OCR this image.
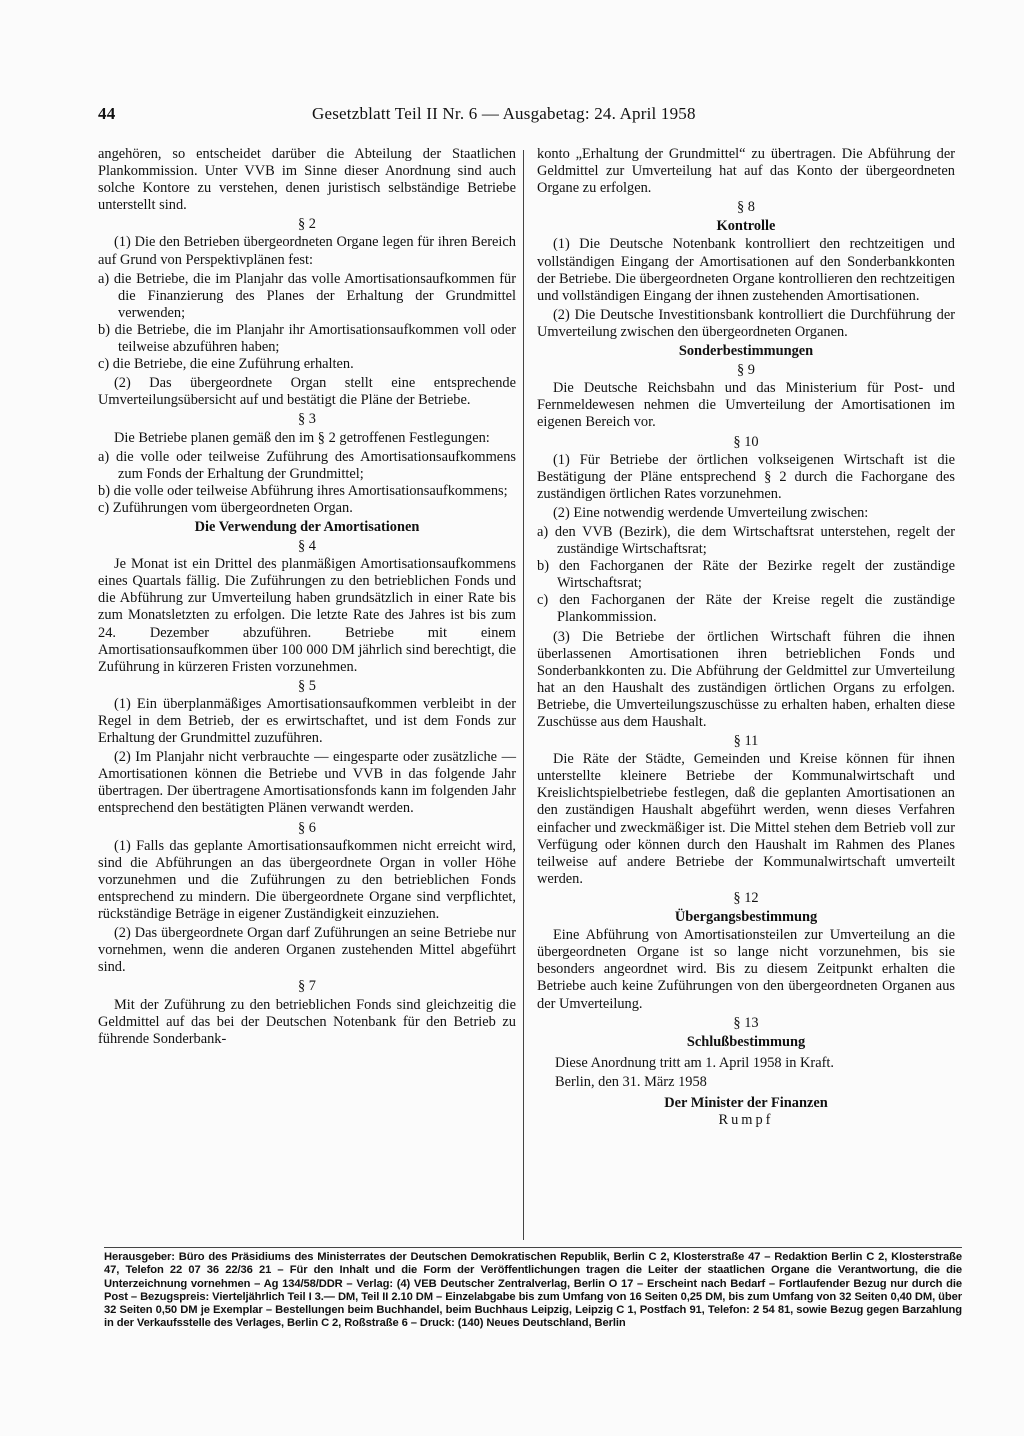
44	Gesetzblatt Teil II Nr. 6 — Ausgabetag: 24. April 1958

angehören, so entscheidet darüber die Abteilung der Staatlichen Plankommission. Unter VVB im Sinne dieser Anordnung sind auch solche Kontore zu verstehen, denen juristisch selbständige Betriebe unterstellt sind.

§ 2

(1) Die den Betrieben übergeordneten Organe legen für ihren Bereich auf Grund von Perspektivplänen fest:

a) die Betriebe, die im Planjahr das volle Amortisationsaufkommen für die Finanzierung des Planes der Erhaltung der Grundmittel verwenden;
b) die Betriebe, die im Planjahr ihr Amortisationsaufkommen voll oder teilweise abzuführen haben;
c) die Betriebe, die eine Zuführung erhalten.

(2) Das übergeordnete Organ stellt eine entsprechende Umverteilungsübersicht auf und bestätigt die Pläne der Betriebe.

§ 3

Die Betriebe planen gemäß den im § 2 getroffenen Festlegungen:

a) die volle oder teilweise Zuführung des Amortisationsaufkommens zum Fonds der Erhaltung der Grundmittel;
b) die volle oder teilweise Abführung ihres Amortisationsaufkommens;
c) Zuführungen vom übergeordneten Organ.
Die Verwendung der Amortisationen
§ 4

Je Monat ist ein Drittel des planmäßigen Amortisationsaufkommens eines Quartals fällig. Die Zuführungen zu den betrieblichen Fonds und die Abführung zur Umverteilung haben grundsätzlich in einer Rate bis zum Monatsletzten zu erfolgen. Die letzte Rate des Jahres ist bis zum 24. Dezember abzuführen. Betriebe mit einem Amortisationsaufkommen über 100 000 DM jährlich sind berechtigt, die Zuführung in kürzeren Fristen vorzunehmen.

§ 5

(1) Ein überplanmäßiges Amortisationsaufkommen verbleibt in der Regel in dem Betrieb, der es erwirtschaftet, und ist dem Fonds zur Erhaltung der Grundmittel zuzuführen.

(2) Im Planjahr nicht verbrauchte — eingesparte oder zusätzliche — Amortisationen können die Betriebe und VVB in das folgende Jahr übertragen. Der übertragene Amortisationsfonds kann im folgenden Jahr entsprechend den bestätigten Plänen verwandt werden.

§ 6

(1) Falls das geplante Amortisationsaufkommen nicht erreicht wird, sind die Abführungen an das übergeordnete Organ in voller Höhe vorzunehmen und die Zuführungen zu den betrieblichen Fonds entsprechend zu mindern. Die übergeordnete Organe sind verpflichtet, rückständige Beträge in eigener Zuständigkeit einzuziehen.

(2) Das übergeordnete Organ darf Zuführungen an seine Betriebe nur vornehmen, wenn die anderen Organen zustehenden Mittel abgeführt sind.

§ 7

Mit der Zuführung zu den betrieblichen Fonds sind gleichzeitig die Geldmittel auf das bei der Deutschen Notenbank für den Betrieb zu führende Sonderbank-

konto „Erhaltung der Grundmittel“ zu übertragen. Die Abführung der Geldmittel zur Umverteilung hat auf das Konto der übergeordneten Organe zu erfolgen.

§ 8
Kontrolle

(1) Die Deutsche Notenbank kontrolliert den rechtzeitigen und vollständigen Eingang der Amortisationen auf den Sonderbankkonten der Betriebe. Die übergeordneten Organe kontrollieren den rechtzeitigen und vollständigen Eingang der ihnen zustehenden Amortisationen.

(2) Die Deutsche Investitionsbank kontrolliert die Durchführung der Umverteilung zwischen den übergeordneten Organen.

Sonderbestimmungen
§ 9

Die Deutsche Reichsbahn und das Ministerium für Post- und Fernmeldewesen nehmen die Umverteilung der Amortisationen im eigenen Bereich vor.

§ 10

(1) Für Betriebe der örtlichen volkseigenen Wirtschaft ist die Bestätigung der Pläne entsprechend § 2 durch die Fachorgane des zuständigen örtlichen Rates vorzunehmen.

(2) Eine notwendig werdende Umverteilung zwischen:

a) den VVB (Bezirk), die dem Wirtschaftsrat unterstehen, regelt der zuständige Wirtschaftsrat;
b) den Fachorganen der Räte der Bezirke regelt der zuständige Wirtschaftsrat;
c) den Fachorganen der Räte der Kreise regelt die zuständige Plankommission.

(3) Die Betriebe der örtlichen Wirtschaft führen die ihnen überlassenen Amortisationen ihren betrieblichen Fonds und Sonderbankkonten zu. Die Abführung der Geldmittel zur Umverteilung hat an den Haushalt des zuständigen örtlichen Organs zu erfolgen. Betriebe, die Umverteilungszuschüsse zu erhalten haben, erhalten diese Zuschüsse aus dem Haushalt.

§ 11

Die Räte der Städte, Gemeinden und Kreise können für ihnen unterstellte kleinere Betriebe der Kommunalwirtschaft und Kreislichtspielbetriebe festlegen, daß die geplanten Amortisationen an den zuständigen Haushalt abgeführt werden, wenn dieses Verfahren einfacher und zweckmäßiger ist. Die Mittel stehen dem Betrieb voll zur Verfügung oder können durch den Haushalt im Rahmen des Planes teilweise auf andere Betriebe der Kommunalwirtschaft umverteilt werden.

§ 12
Übergangsbestimmung

Eine Abführung von Amortisationsteilen zur Umverteilung an die übergeordneten Organe ist so lange nicht vorzunehmen, bis sie besonders angeordnet wird. Bis zu diesem Zeitpunkt erhalten die Betriebe auch keine Zuführungen von den übergeordneten Organen aus der Umverteilung.

§ 13
Schlußbestimmung

Diese Anordnung tritt am 1. April 1958 in Kraft.

Berlin, den 31. März 1958

Der Minister der Finanzen
Rumpf
Herausgeber: Büro des Präsidiums des Ministerrates der Deutschen Demokratischen Republik, Berlin C 2, Klosterstraße 47 – Redaktion Berlin C 2, Klosterstraße 47, Telefon 22 07 36 22/36 21 – Für den Inhalt und die Form der Veröffentlichungen tragen die Leiter der staatlichen Organe die Verantwortung, die die Unterzeichnung vornehmen – Ag 134/58/DDR – Verlag: (4) VEB Deutscher Zentralverlag, Berlin O 17 – Erscheint nach Bedarf – Fortlaufender Bezug nur durch die Post – Bezugspreis: Vierteljährlich Teil I 3.— DM, Teil II 2.10 DM – Einzelabgabe bis zum Umfang von 16 Seiten 0,25 DM, bis zum Umfang von 32 Seiten 0,40 DM, über 32 Seiten 0,50 DM je Exemplar – Bestellungen beim Buchhandel, beim Buchhaus Leipzig, Leipzig C 1, Postfach 91, Telefon: 2 54 81, sowie Bezug gegen Barzahlung in der Verkaufsstelle des Verlages, Berlin C 2, Roßstraße 6 – Druck: (140) Neues Deutschland, Berlin
